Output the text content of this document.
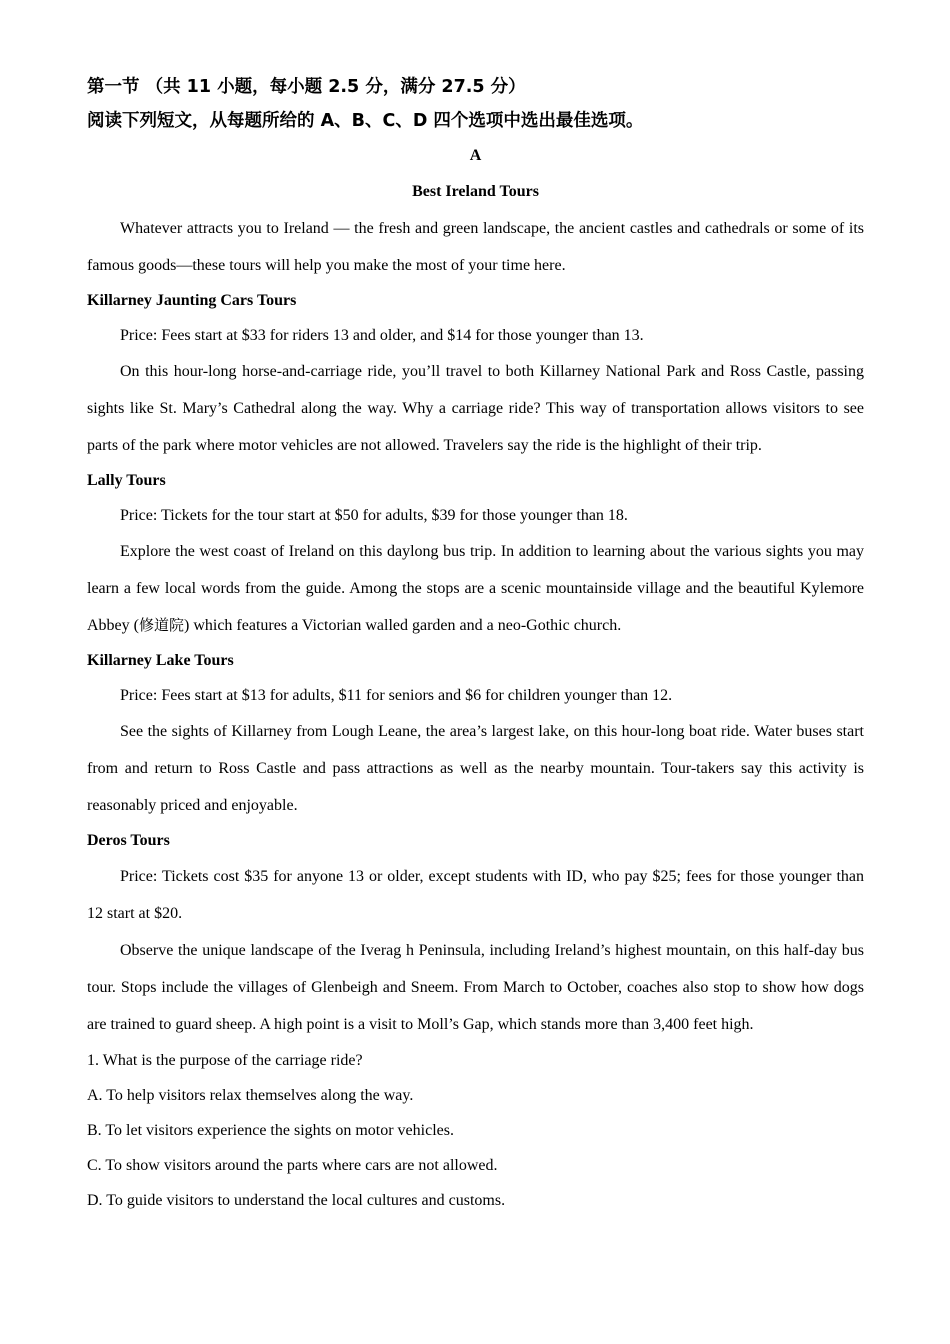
第一节 （共 11 小题，每小题 2.5 分，满分 27.5 分）

阅读下列短文，从每题所给的 A、B、C、D 四个选项中选出最佳选项。

A

Best Ireland Tours

Whatever attracts you to Ireland — the fresh and green landscape, the ancient castles and cathedrals or some of its famous goods—these tours will help you make the most of your time here.

Killarney Jaunting Cars Tours

Price: Fees start at $33 for riders 13 and older, and $14 for those younger than 13.

On this hour-long horse-and-carriage ride, you’ll travel to both Killarney National Park and Ross Castle, passing sights like St. Mary’s Cathedral along the way. Why a carriage ride? This way of transportation allows visitors to see parts of the park where motor vehicles are not allowed. Travelers say the ride is the highlight of their trip.

Lally Tours

Price: Tickets for the tour start at $50 for adults, $39 for those younger than 18.

Explore the west coast of Ireland on this daylong bus trip. In addition to learning about the various sights you may learn a few local words from the guide. Among the stops are a scenic mountainside village and the beautiful Kylemore Abbey (修道院) which features a Victorian walled garden and a neo-Gothic church.

Killarney Lake Tours

Price: Fees start at $13 for adults, $11 for seniors and $6 for children younger than 12.

See the sights of Killarney from Lough Leane, the area’s largest lake, on this hour-long boat ride. Water buses start from and return to Ross Castle and pass attractions as well as the nearby mountain. Tour-takers say this activity is reasonably priced and enjoyable.

Deros Tours

Price: Tickets cost $35 for anyone 13 or older, except students with ID, who pay $25; fees for those younger than 12 start at $20.

Observe the unique landscape of the Iverag h Peninsula, including Ireland’s highest mountain, on this half-day bus tour. Stops include the villages of Glenbeigh and Sneem. From March to October, coaches also stop to show how dogs are trained to guard sheep. A high point is a visit to Moll’s Gap, which stands more than 3,400 feet high.

1. What is the purpose of the carriage ride?

A. To help visitors relax themselves along the way.

B. To let visitors experience the sights on motor vehicles.

C. To show visitors around the parts where cars are not allowed.

D. To guide visitors to understand the local cultures and customs.
